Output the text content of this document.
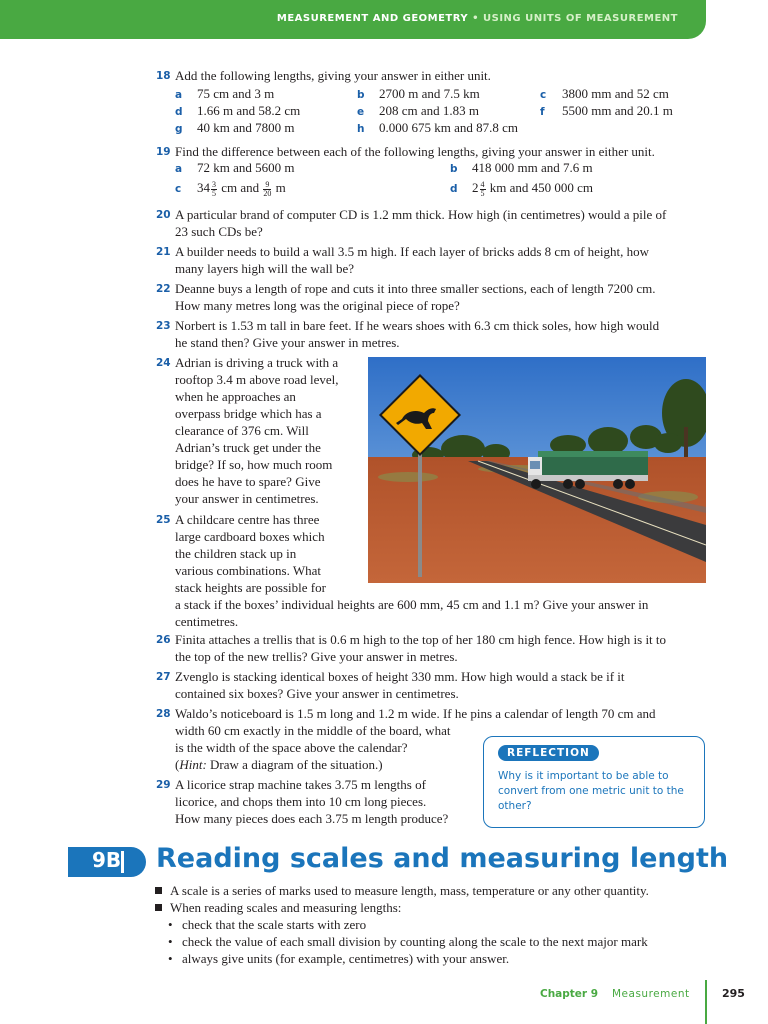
MEASUREMENT AND GEOMETRY • USING UNITS OF MEASUREMENT
18 Add the following lengths, giving your answer in either unit.
a 75 cm and 3 m	b 2700 m and 7.5 km	c 3800 mm and 52 cm
d 1.66 m and 58.2 cm	e 208 cm and 1.83 m	f 5500 mm and 20.1 m
g 40 km and 7800 m	h 0.000 675 km and 87.8 cm
19 Find the difference between each of the following lengths, giving your answer in either unit.
a 72 km and 5600 m	b 418 000 mm and 7.6 m
c $34 \frac{3}{5}$ cm and $\frac{9}{20}$ m	d $2 \frac{4}{5}$ km and 450 000 cm
20 A particular brand of computer CD is 1.2 mm thick. How high (in centimetres) would a pile of
23 such CDs be?
21 A builder needs to build a wall 3.5 m high. If each layer of bricks adds 8 cm of height, how
many layers high will the wall be?
22 Deanne buys a length of rope and cuts it into three smaller sections, each of length 7200 cm.
How many metres long was the original piece of rope?
23 Norbert is 1.53 m tall in bare feet. If he wears shoes with 6.3 cm thick soles, how high would
he stand then? Give your answer in metres.
24 Adrian is driving a truck with a
rooftop 3.4 m above road level,
when he approaches an
overpass bridge which has a
clearance of 376 cm. Will
Adrian’s truck get under the
bridge? If so, how much room
does he have to spare? Give
your answer in centimetres.
25 A childcare centre has three
large cardboard boxes which
the children stack up in
various combinations. What
stack heights are possible for
a stack if the boxes’ individual heights are 600 mm, 45 cm and 1.1 m? Give your answer in
centimetres.
26 Finita attaches a trellis that is 0.6 m high to the top of her 180 cm high fence. How high is it to
the top of the new trellis? Give your answer in metres.
27 Zvenglo is stacking identical boxes of height 330 mm. How high would a stack be if it
contained six boxes? Give your answer in centimetres.
28 Waldo’s noticeboard is 1.5 m long and 1.2 m wide. If he pins a calendar of length 70 cm and
width 60 cm exactly in the middle of the board, what
is the width of the space above the calendar?
(Hint: Draw a diagram of the situation.)
29 A licorice strap machine takes 3.75 m lengths of
licorice, and chops them into 10 cm long pieces.
How many pieces does each 3.75 m length produce?
REFLECTION
Why is it important to be able to convert from one metric unit to the other?
9B Reading scales and measuring length
A scale is a series of marks used to measure length, mass, temperature or any other quantity.
When reading scales and measuring lengths:
• check that the scale starts with zero
• check the value of each small division by counting along the scale to the next major mark
• always give units (for example, centimetres) with your answer.
Chapter 9 Measurement	295
